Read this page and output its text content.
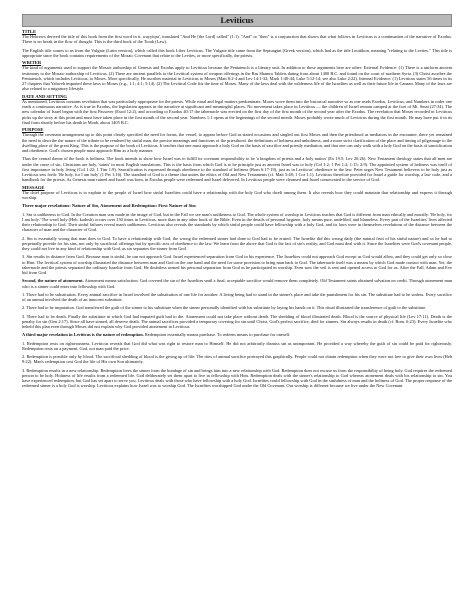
Leviticus
TITLE

The Hebrews derived the title of this book from the first word in it, wayyiqra', translated "And He [the Lord] called" (1:1). "And" or "then" is a conjunction that shows that what follows in Leviticus is a continuation of the narrative of Exodus. There is no break in the flow of thought. This is the third book of the Torah (Law).

The English title comes to us from the Vulgate (Latin version), which called this book Liber Leviticus. The Vulgate title came from the Septuagint (Greek version), which had as the title Leuitikon, meaning "relating to the Levites." This title is appropriate since the book contains requirements of the Mosaic Covenant that relate to the Levites, or more specifically, the priests.

WRITER

The kind of arguments used to support the Mosaic authorship of Genesis and Exodus apply to Leviticus because the Pentateuch is a literary unit. In addition to these arguments here are other: External Evidence: (1) There is a uniform ancient testimony to the Mosaic authorship of Leviticus. (2) There are ancient parallels to the Levitical system of weapon offerings in the Ras Shamra Tablets dating from about 1400 B.C. and found on the coast of northern Syria. (3) Christ ascribes the Pentateuch, which includes Leviticus, to Moses. More specifically, He ascribes material in Leviticus to Moses (Matt 8:2-4 and Lev 14:1-32; Mark 1:40-44; Luke 5:12-14; see also Luke 2:22). Internal Evidence: (1) Leviticus states 56 times in its 27 chapters that Yahweh imparted these laws to Moses (e.g., 1:1; 4:1; 5:14). (2) The Levitical Code fits the time of Moses. Many of the laws deal with the wilderness life of the Israelites as well as their future life in Canaan. Many of the laws are also related to a migratory lifestyle.

DATE AND SETTING

As mentioned, Leviticus contains revelation that was particularly appropriate for the priests. While ritual and legal matters predominate, Moses wove them into the historical narrative so as one reads Exodus, Leviticus, and Numbers in order one reads a continuous narrative. As is true in Exodus, the legislation appears in the narrative at significant and meaningful places. No movement takes place in Leviticus — the children of Israel remain camped at the foot of Mt. Sinai (27:34). The new calendar of Israel began with the first Passover (Exod 12:2), and according to Exodus 40:17 the tabernacle was erected on the first day of the first month of the second year after the Exodus. The revelation that Moses recorded in Leviticus picks up the story at this point and must have taken place in the first month of the second year. Numbers 1:1 opens at the beginnings of the second month. Moses probably wrote much of Leviticus during the first month. He may have put it in its final form shortly before his death in Moab, about 1405 B.C.

PURPOSE

Through the covenant arrangement up to this point clearly specified the need for forms, the vessel, to appear before God as stated occasions and singled out first Moses and then the priesthood as mediators in the encounter, there yet remained the need to describe the nature of the tribute to be rendered by sinful man, the precise meanings and functions of the priesthood, the definitions of holiness and unholiness, and a more strict clarification of the place and timing of pilgrimage to the dwelling place of the great King. This is the purpose of the book of Leviticus. It teaches that one must approach a holy God on the basis of sacrifice and priestly mediation, and that one can only walk with a holy God on the basis of sanctification and obedience. God's chosen people must approach Him as a holy manner.

Thus the central theme of the book is holiness. The book intends to show how Israel was to fulfill its covenant responsibility to be 'a kingdom of priests and a holy nation' (Ex 19:5; Lev 20:26). New Testament theology states that all men are under the curse of sin, Christians are holy, 'saints' in most English translations. This is the basis from which God is to be principle just as ancient Israel was to holy (Col 1:2; 1 Pet 1:2; 1:15; 2:9). The appointed system of holiness was itself of first importance in holy living (Col 1:22; 1 Tim 1:9). Sanctification is expressed through obedience to the standard of holiness (Rom 6:17-19), just as in Leviticus' obedience to the law. Peter urges New Testament believers to be holy just as Leviticus sets forth: 'Be holy, for I am holy' (1 Pet 1:16). The standard of God is a theme that unites the ethics of Old and New Testaments (cf. Matt 5:48; 1 Cor 1:1). Leviticus therefore provided for Israel a guide for worship, a law code, and a handbook for the priests. As Genesis man ruined and Israel was born, in Exodus people were redeemed and Israel delivered. In Leviticus people were cleansed and Israel consecrated to the service of God.

MESSAGE

The chief purpose of Leviticus is to explain to the people of Israel how sinful Israelites could have a relationship with the holy God who dwelt among them. It also reveals how they could maintain that relationship and express it through worship.

Three major revelations: Nature of Sin, Atonement and Redemption: First Nature of Sin:
1. Sin is unlikeness to God. In the Creation man was made in the image of God, but in the Fall we see man's unlikeness to God. The whole system of worship in Leviticus teaches that God is different from man ethically and morally: 'Be holy, for I am holy.' The word holy (Heb. kadosh) occurs over 150 times in Leviticus, more than in any other book of the Bible. Even in the details of personal hygiene, holy means pure, undefiled, and blameless. Every part of the Israelites' lives affected their relationship to God. Their sinful failures reveal man's unlikeness. Leviticus also reveals the standards by which sinful people could have fellowship with a holy God, and its laws were in themselves revelations of the distance between the character of man and the character of God.
2. Sin is essentially wrong that man does to God. To have a relationship with God, the wrong the redeemed sinner had done to God had to be erased. The Israelite did this wrong daily (the natural fruit of his sinful nature) and so he had to perpetually provide for his sins, not only by sacrificial offerings but by specific acts of obedience to the law. We learn from the above that God is the fact of sin's reality, and God must deal with it. Since the Israelites were God's covenant people, they could not live in any kind of relationship with God, as sin separates the sinner from God.
3. Sin results in distance from God. Because man is sinful, he can not approach God. Israel experienced separation from God in his experience. The Israelites could not approach God except as God would allow, and they could get only so close to Him. The levitical system of worship illustrated the distance between man and God on the one hand and the need for some provision to bring man back to God. The tabernacle itself was a means by which God made contact with man. Yet, the tabernacle and the priests separated the ordinary Israelite from God. He doubtless sensed his personal separation from God as he participated in worship. Even now the veil is rent and opened access to God for us. After the Fall, Adam and Eve hid from God.
Second, the nature of atonement. Atonement means satisfaction. God covered the sin of the Israelites until a final, acceptable sacrifice would remove them completely. Old Testament saints obtained salvation on credit. Through atonement man who is a sinner could enter into fellowship with God.
1. There had to be substitution. Every animal sacrifice in Israel involved the substitution of one life for another. A living being had to stand in the sinner's place and take the punishment for his sin. The substitute had to be sinless. Every sacrifice of an animal involved the death of an innocent substitute.
2. There had to be imputation. God transferred the guilt of the sinner to his substitute when the sinner personally identified with his substitute by laying his hands on it. This ritual illustrated the transference of guilt to the substitute.
3. There had to be death. Finally the substitute in which God had imputed guilt had to die. Atonement could not take place without death. The shedding of blood illustrated death. Blood is the source of physical life (Lev 17:11). Death is the penalty for sin (Gen 2:17). Since all have sinned, all deserve death. The animal sacrifices provided a temporary covering for sin until Christ, God's perfect sacrifice, died for sinners. Sin always results in death (cf. Rom. 6:23). Every Israelite who beheld this plan even through Moses did not explain why God provided atonement in Leviticus.
A third major revelation in Leviticus is the nature of redemption. Redemption essentially means purchase. To redeem means to purchase for oneself.
1. Redemption rests on righteousness. Leviticus reveals that God did what was right to restore man to Himself. He did not arbitrarily dismiss sin as unimportant. He provided a way whereby the guilt of sin could be paid for righteously. Redemption rests on a payment. God, not man paid the price.
2. Redemption is possible only by blood. The sacrificial shedding of blood is the giving up of life: The rites of animal sacrifice portrayed this graphically. People could not obtain redemption when they were not free to give their own lives (Heb 9:22). Man's redemption cost God the life of His own Son ultimately.
3. Redemption results in a new relationship. Redemption frees the sinner from the bondage of sin and brings him into a new relationship with God. Redemption does not excuse us from the responsibility of being holy. God requires the redeemed person to be holy. Holiness of life results from a redeemed life. God deliberately set them apart to live in fellowship with Him. Redemption deals with the sinner's relationship to God whereas atonement deals with his relationship to sin. You have experienced redemption, but God has set apart to serve you. Leviticus deals with those who have fellowship with a holy God. Israelites could fellowship with God in the sinfulness of man and the holiness of God. The proper response of the redeemed sinner is a holy God is worship. Leviticus explains how Israel was to worship God. The Israelites worshipped God under the Old Covenant. Our worship is different because we live under the New Covenant.
